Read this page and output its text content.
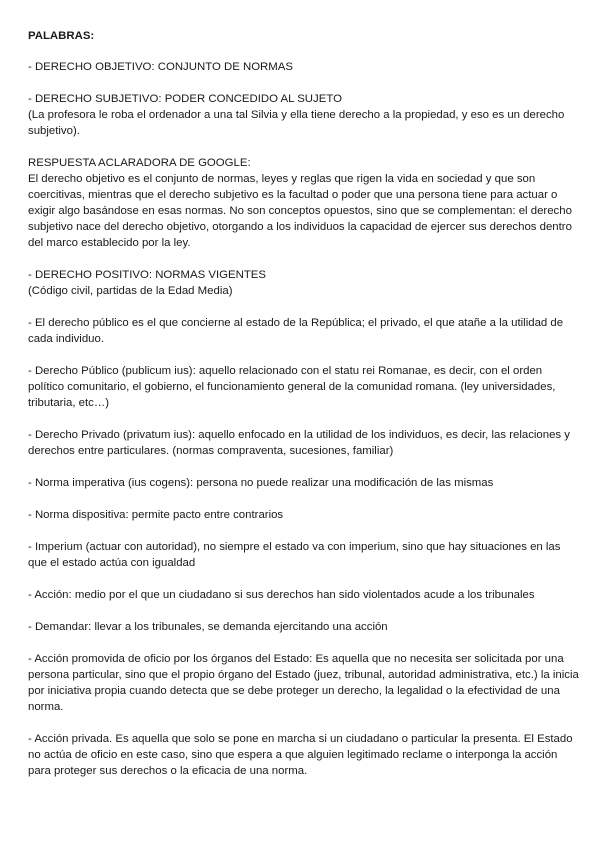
PALABRAS:

- DERECHO OBJETIVO: CONJUNTO DE NORMAS

- DERECHO SUBJETIVO: PODER CONCEDIDO AL SUJETO

(La profesora le roba el ordenador a una tal Silvia y ella tiene derecho a la propiedad, y eso es un derecho subjetivo).

RESPUESTA ACLARADORA DE GOOGLE:

El derecho objetivo es el conjunto de normas, leyes y reglas que rigen la vida en sociedad y que son coercitivas, mientras que el derecho subjetivo es la facultad o poder que una persona tiene para actuar o exigir algo basándose en esas normas. No son conceptos opuestos, sino que se complementan: el derecho subjetivo nace del derecho objetivo, otorgando a los individuos la capacidad de ejercer sus derechos dentro del marco establecido por la ley.

- DERECHO POSITIVO: NORMAS VIGENTES

(Código civil, partidas de la Edad Media)

- El derecho público es el que concierne al estado de la República; el privado, el que atañe a la utilidad de cada individuo.

- Derecho Público (publicum ius): aquello relacionado con el statu rei Romanae, es decir, con el orden político comunitario, el gobierno, el funcionamiento general de la comunidad romana. (ley universidades, tributaria, etc…)

- Derecho Privado (privatum ius): aquello enfocado en la utilidad de los individuos, es decir, las relaciones y derechos entre particulares. (normas compraventa, sucesiones, familiar)

- Norma imperativa (ius cogens): persona no puede realizar una modificación de las mismas

- Norma dispositiva: permite pacto entre contrarios

- Imperium (actuar con autoridad), no siempre el estado va con imperium, sino que hay situaciones en las que el estado actúa con igualdad

- Acción: medio por el que un ciudadano si sus derechos han sido violentados acude a los tribunales

- Demandar: llevar a los tribunales, se demanda ejercitando una acción

- Acción promovida de oficio por los órganos del Estado: Es aquella que no necesita ser solicitada por una persona particular, sino que el propio órgano del Estado (juez, tribunal, autoridad administrativa, etc.) la inicia por iniciativa propia cuando detecta que se debe proteger un derecho, la legalidad o la efectividad de una norma.

- Acción privada. Es aquella que solo se pone en marcha si un ciudadano o particular la presenta. El Estado no actúa de oficio en este caso, sino que espera a que alguien legitimado reclame o interponga la acción para proteger sus derechos o la eficacia de una norma.
